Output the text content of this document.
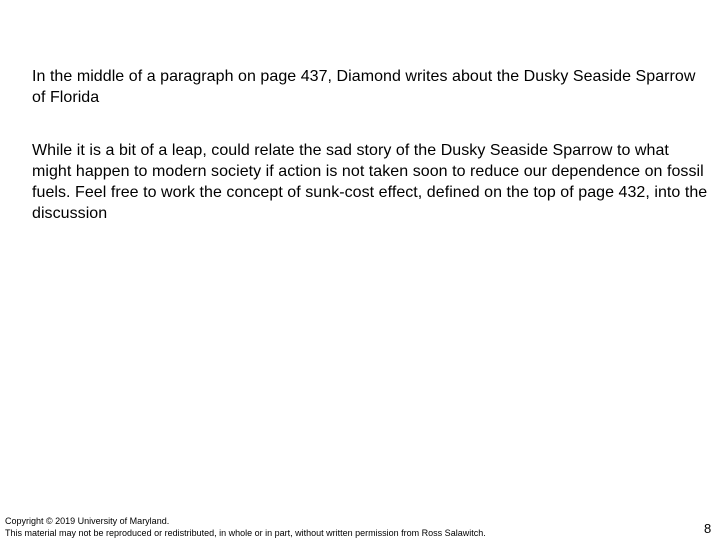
In the middle of a paragraph on page 437, Diamond writes about the Dusky Seaside Sparrow of Florida

While it is a bit of a leap, could relate the sad story of the Dusky Seaside Sparrow to what might happen to modern society if action is not taken soon to reduce our dependence on fossil fuels. Feel free to work the concept of sunk-cost effect, defined on the top of page 432, into the discussion

Copyright © 2019 University of Maryland.
This material may not be reproduced or redistributed, in whole or in part, without written permission from Ross Salawitch.	8
